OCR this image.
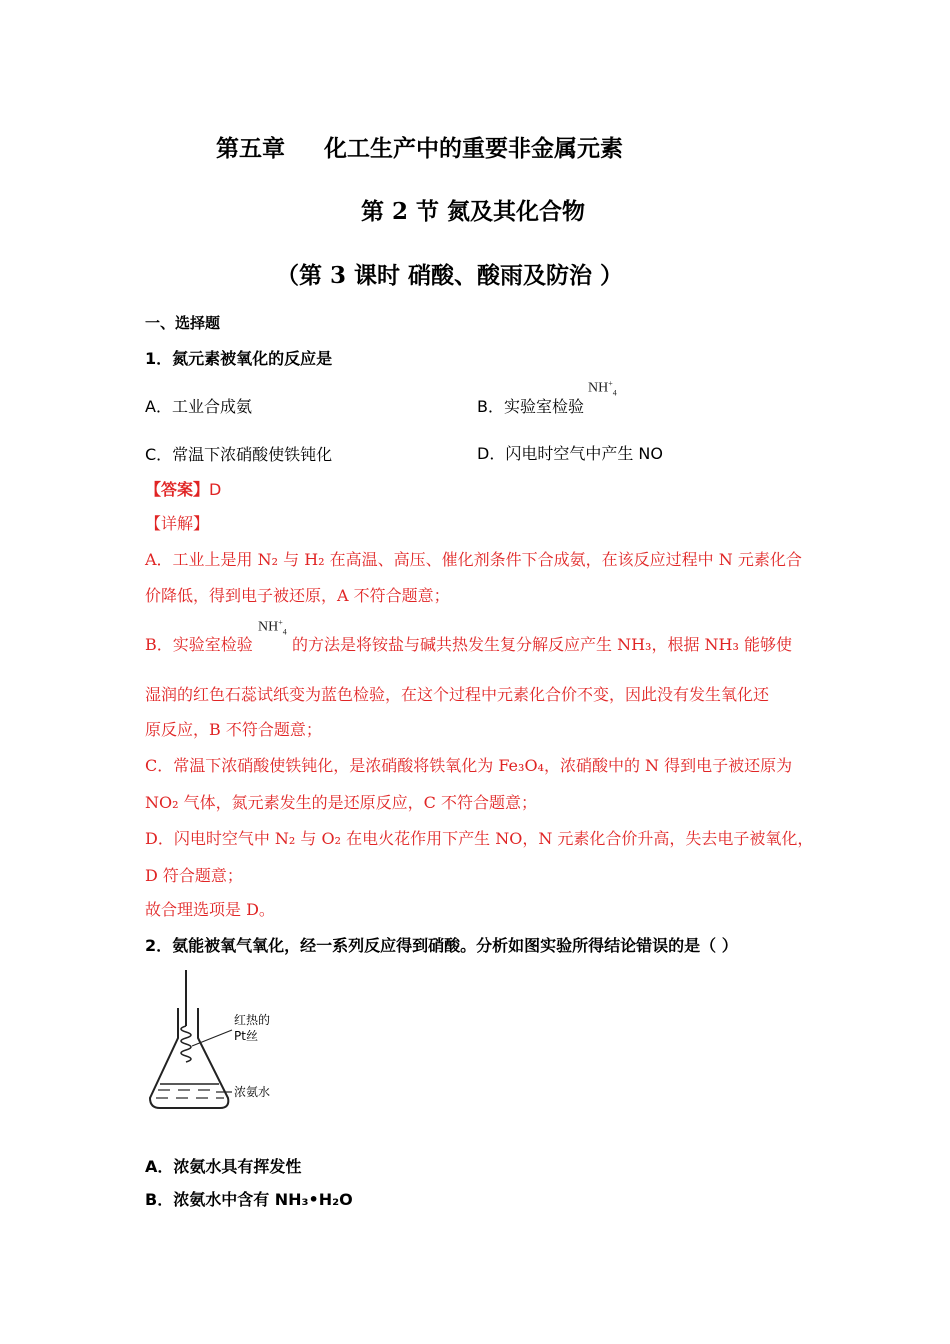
第五章 化工生产中的重要非金属元素
第 2 节 氮及其化合物
（第 3 课时 硝酸、酸雨及防治 ）
一、选择题
1．氮元素被氧化的反应是
A．工业合成氨	B．实验室检验
$NH^+_4$
C．常温下浓硝酸使铁钝化	D．闪电时空气中产生 NO
【答案】D
【详解】
A．工业上是用 N₂ 与 H₂ 在高温、高压、催化剂条件下合成氨，在该反应过程中 N 元素化合
价降低，得到电子被还原，A 不符合题意；
B．实验室检验
$NH^+_4$
的方法是将铵盐与碱共热发生复分解反应产生 NH₃，根据 NH₃ 能够使
湿润的红色石蕊试纸变为蓝色检验，在这个过程中元素化合价不变，因此没有发生氧化还
原反应，B 不符合题意；
C．常温下浓硝酸使铁钝化，是浓硝酸将铁氧化为 Fe₃O₄，浓硝酸中的 N 得到电子被还原为
NO₂ 气体，氮元素发生的是还原反应，C 不符合题意；
D．闪电时空气中 N₂ 与 O₂ 在电火花作用下产生 NO，N 元素化合价升高，失去电子被氧化，
D 符合题意；
故合理选项是 D。
2．氨能被氧气氧化，经一系列反应得到硝酸。分析如图实验所得结论错误的是（ ）
红热的
Pt丝
浓氨水
A．浓氨水具有挥发性
B．浓氨水中含有 NH₃•H₂O
